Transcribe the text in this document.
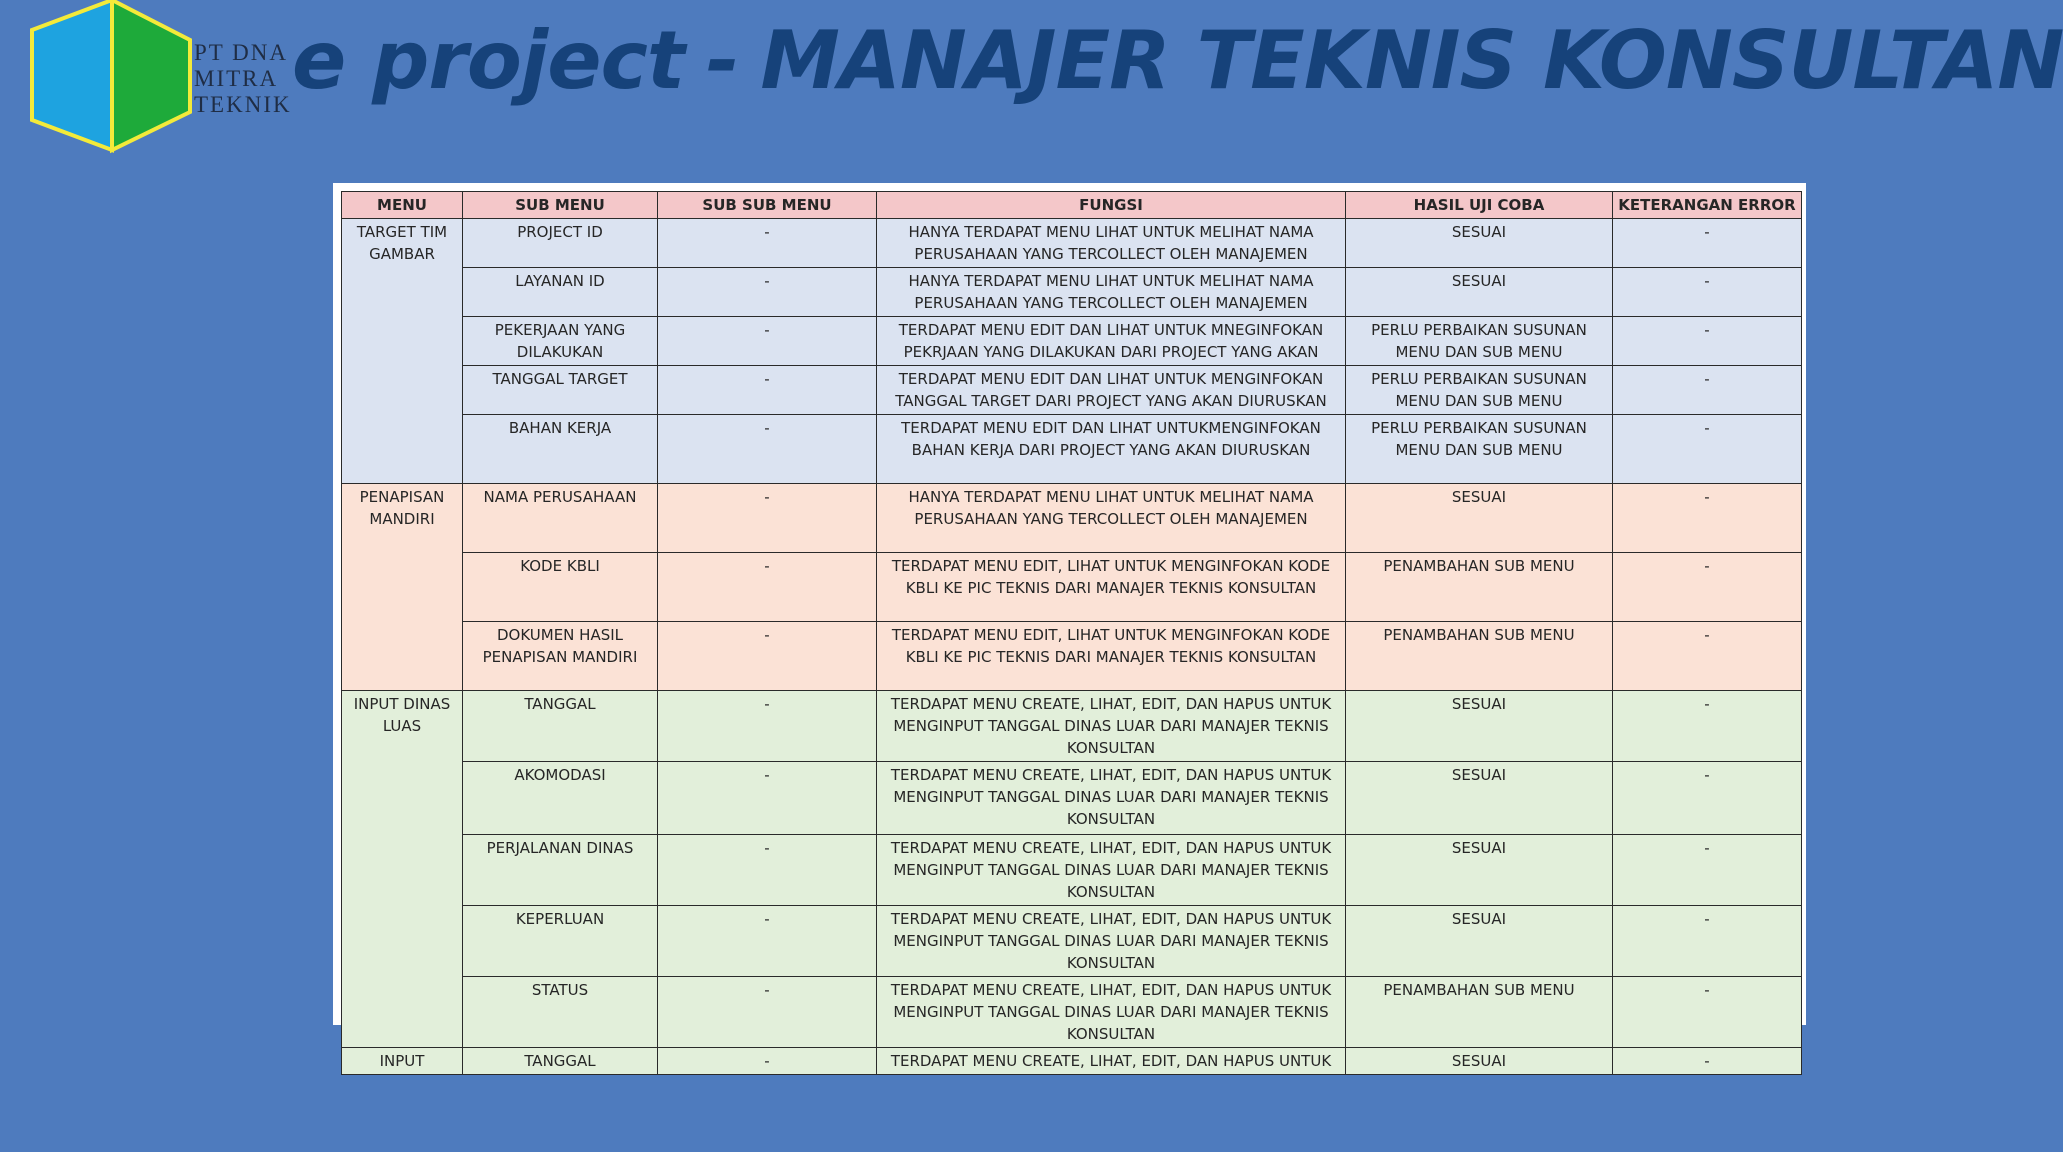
PT DNA
MITRA
TEKNIK e project - MANAJER TEKNIS KONSULTAN
MENU	SUB MENU	SUB SUB MENU	FUNGSI	HASIL UJI COBA	KETERANGAN ERROR
TARGET TIM GAMBAR	PROJECT ID	-	HANYA TERDAPAT MENU LIHAT UNTUK MELIHAT NAMA PERUSAHAAN YANG TERCOLLECT OLEH MANAJEMEN	SESUAI	-
	LAYANAN ID	-	HANYA TERDAPAT MENU LIHAT UNTUK MELIHAT NAMA PERUSAHAAN YANG TERCOLLECT OLEH MANAJEMEN	SESUAI	-
	PEKERJAAN YANG DILAKUKAN	-	TERDAPAT MENU EDIT DAN LIHAT UNTUK MNEGINFOKAN PEKRJAAN YANG DILAKUKAN DARI PROJECT YANG AKAN	PERLU PERBAIKAN SUSUNAN MENU DAN SUB MENU	-
	TANGGAL TARGET	-	TERDAPAT MENU EDIT DAN LIHAT UNTUK MENGINFOKAN TANGGAL TARGET DARI PROJECT YANG AKAN DIURUSKAN	PERLU PERBAIKAN SUSUNAN MENU DAN SUB MENU	-
	BAHAN KERJA	-	TERDAPAT MENU EDIT DAN LIHAT UNTUKMENGINFOKAN BAHAN KERJA DARI PROJECT YANG AKAN DIURUSKAN	PERLU PERBAIKAN SUSUNAN MENU DAN SUB MENU	-
PENAPISAN MANDIRI	NAMA PERUSAHAAN	-	HANYA TERDAPAT MENU LIHAT UNTUK MELIHAT NAMA PERUSAHAAN YANG TERCOLLECT OLEH MANAJEMEN	SESUAI	-
	KODE KBLI	-	TERDAPAT MENU EDIT, LIHAT UNTUK MENGINFOKAN KODE KBLI KE PIC TEKNIS DARI MANAJER TEKNIS KONSULTAN	PENAMBAHAN SUB MENU	-
	DOKUMEN HASIL PENAPISAN MANDIRI	-	TERDAPAT MENU EDIT, LIHAT UNTUK MENGINFOKAN KODE KBLI KE PIC TEKNIS DARI MANAJER TEKNIS KONSULTAN	PENAMBAHAN SUB MENU	-
INPUT DINAS LUAS	TANGGAL	-	TERDAPAT MENU CREATE, LIHAT, EDIT, DAN HAPUS UNTUK MENGINPUT TANGGAL DINAS LUAR DARI MANAJER TEKNIS KONSULTAN	SESUAI	-
	AKOMODASI	-	TERDAPAT MENU CREATE, LIHAT, EDIT, DAN HAPUS UNTUK MENGINPUT TANGGAL DINAS LUAR DARI MANAJER TEKNIS KONSULTAN	SESUAI	-
	PERJALANAN DINAS	-	TERDAPAT MENU CREATE, LIHAT, EDIT, DAN HAPUS UNTUK MENGINPUT TANGGAL DINAS LUAR DARI MANAJER TEKNIS KONSULTAN	SESUAI	-
	KEPERLUAN	-	TERDAPAT MENU CREATE, LIHAT, EDIT, DAN HAPUS UNTUK MENGINPUT TANGGAL DINAS LUAR DARI MANAJER TEKNIS KONSULTAN	SESUAI	-
	STATUS	-	TERDAPAT MENU CREATE, LIHAT, EDIT, DAN HAPUS UNTUK MENGINPUT TANGGAL DINAS LUAR DARI MANAJER TEKNIS KONSULTAN	PENAMBAHAN SUB MENU	-
INPUT	TANGGAL	-	TERDAPAT MENU CREATE, LIHAT, EDIT, DAN HAPUS UNTUK	SESUAI	-
